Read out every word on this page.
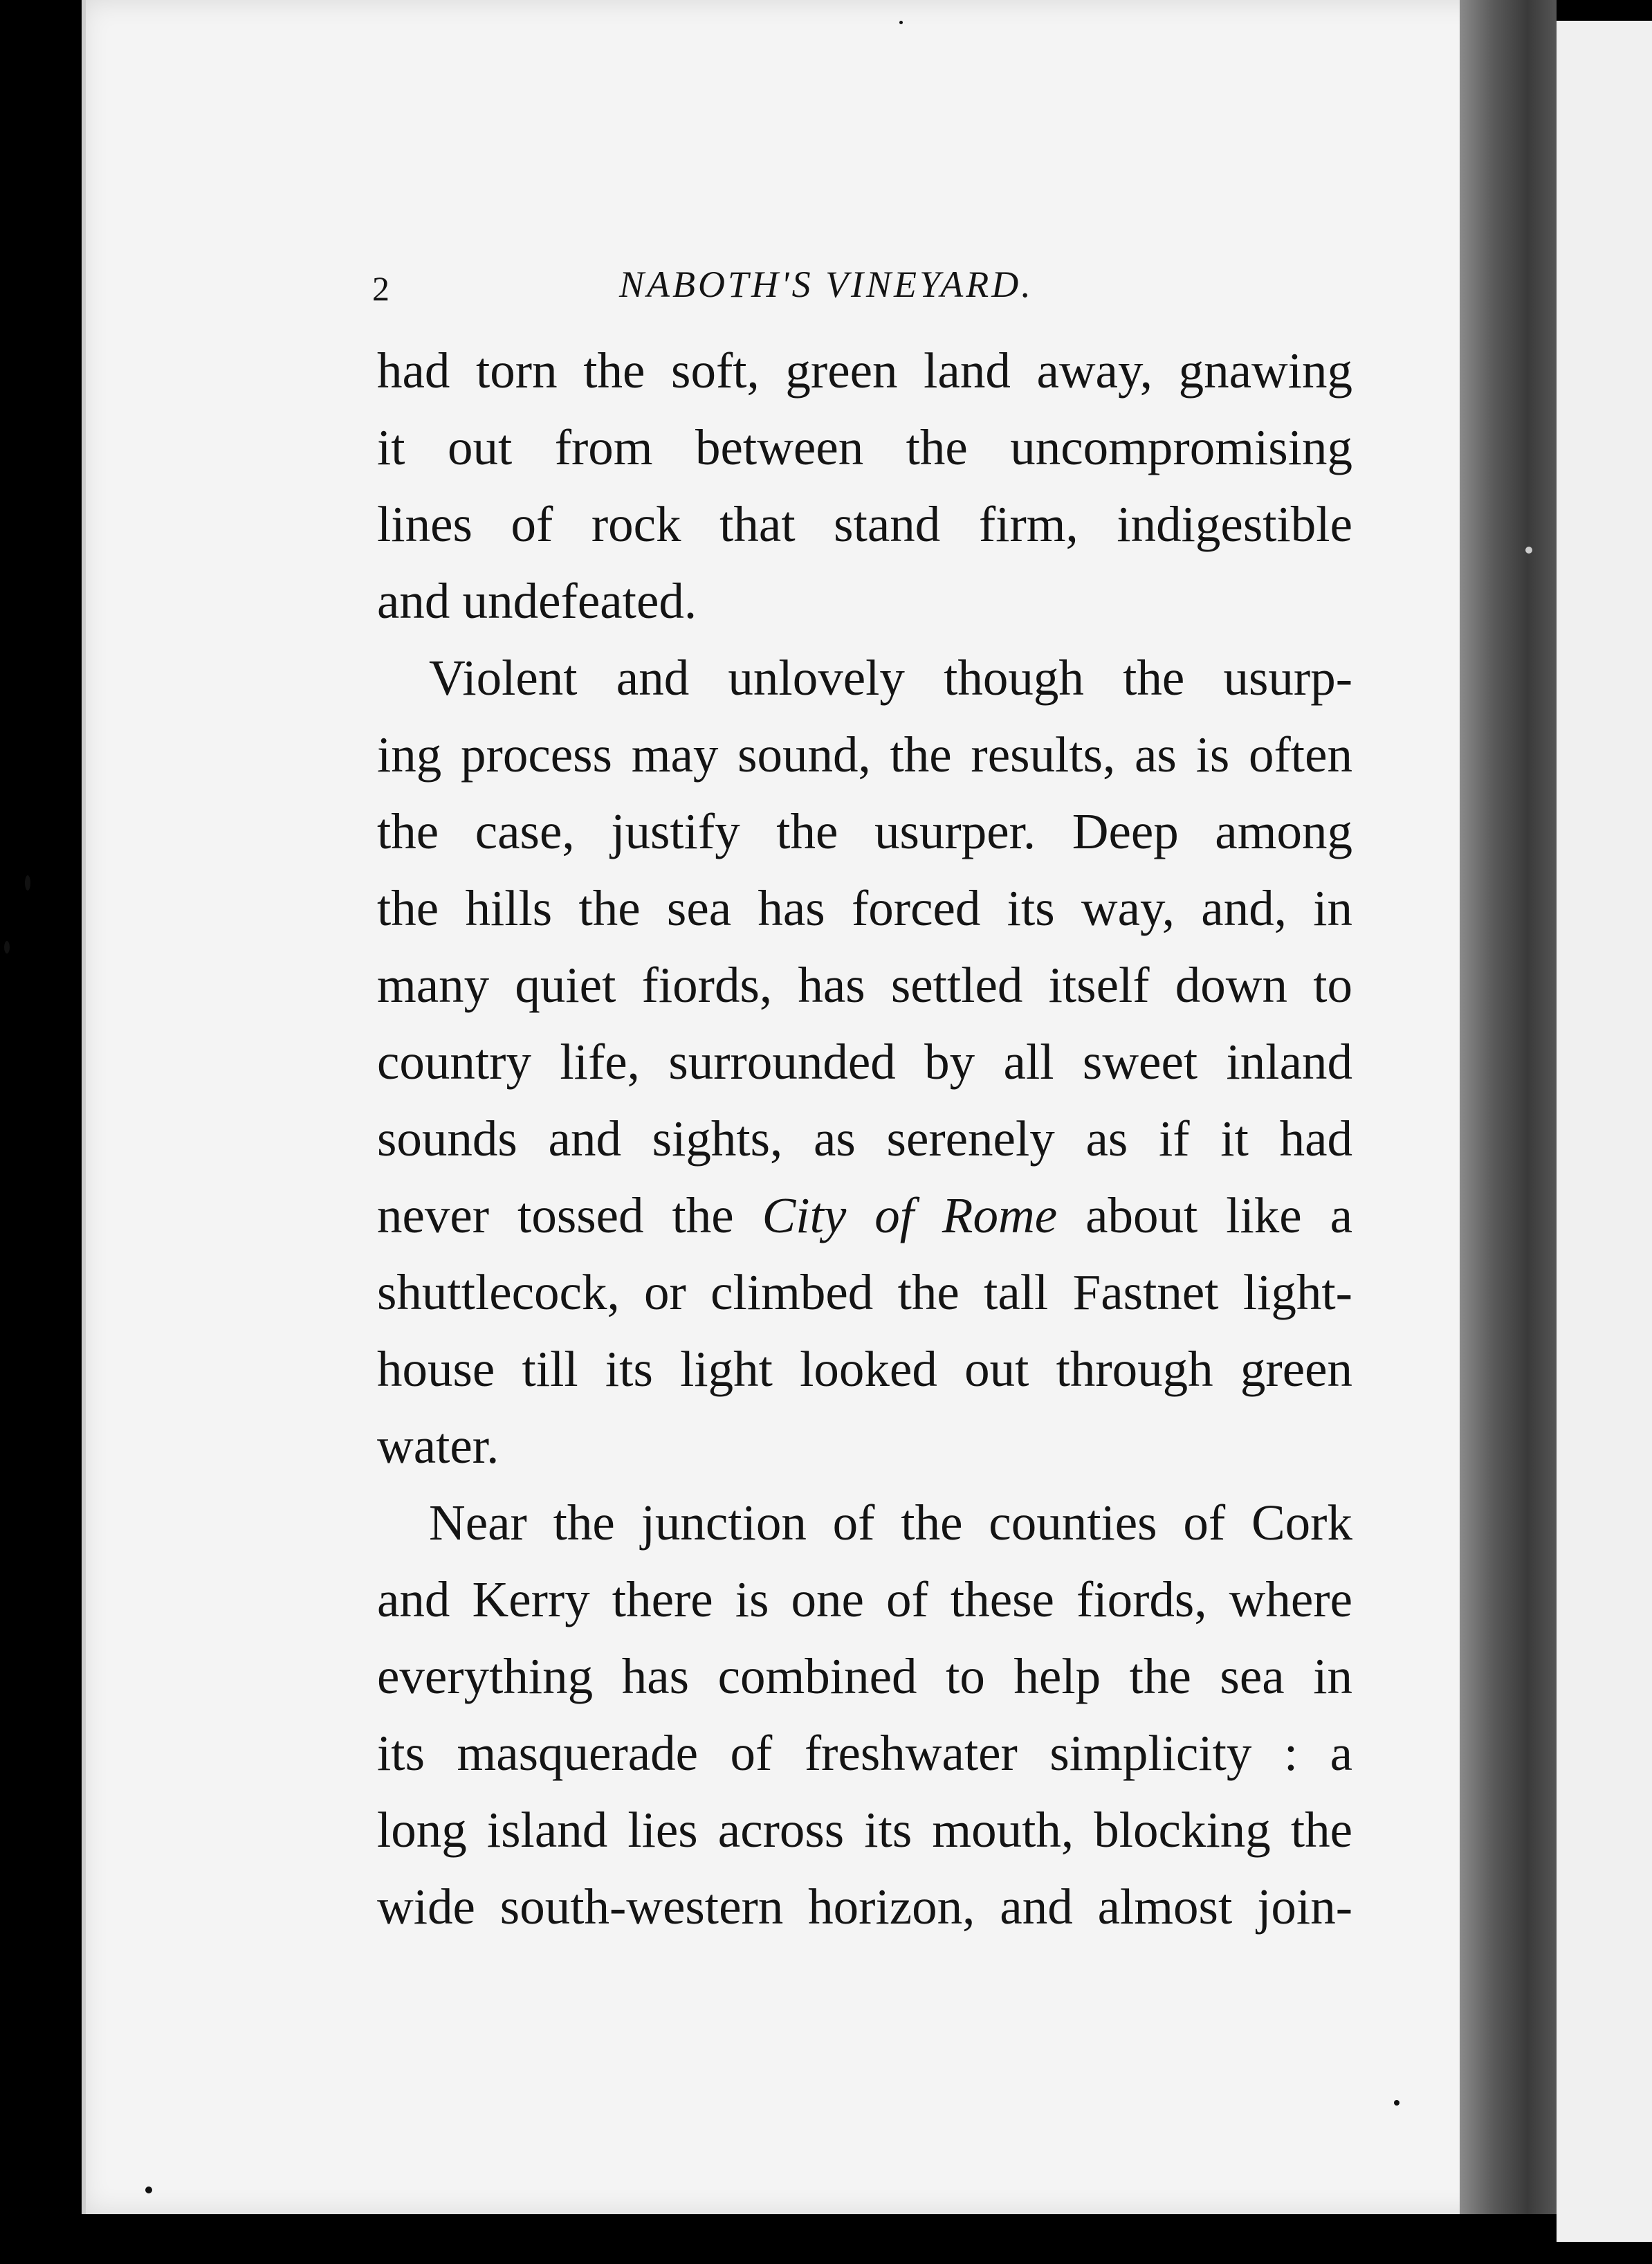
2	NABOTH'S VINEYARD.
had torn the soft, green land away, gnawing
it out from between the uncompromising
lines of rock that stand firm, indigestible
and undefeated.
Violent and unlovely though the usurp-
ing process may sound, the results, as is often
the case, justify the usurper. Deep among
the hills the sea has forced its way, and, in
many quiet fiords, has settled itself down to
country life, surrounded by all sweet inland
sounds and sights, as serenely as if it had
never tossed the City of Rome about like a
shuttlecock, or climbed the tall Fastnet light-
house till its light looked out through green
water.
Near the junction of the counties of Cork
and Kerry there is one of these fiords, where
everything has combined to help the sea in
its masquerade of freshwater simplicity : a
long island lies across its mouth, blocking the
wide south-western horizon, and almost join-
